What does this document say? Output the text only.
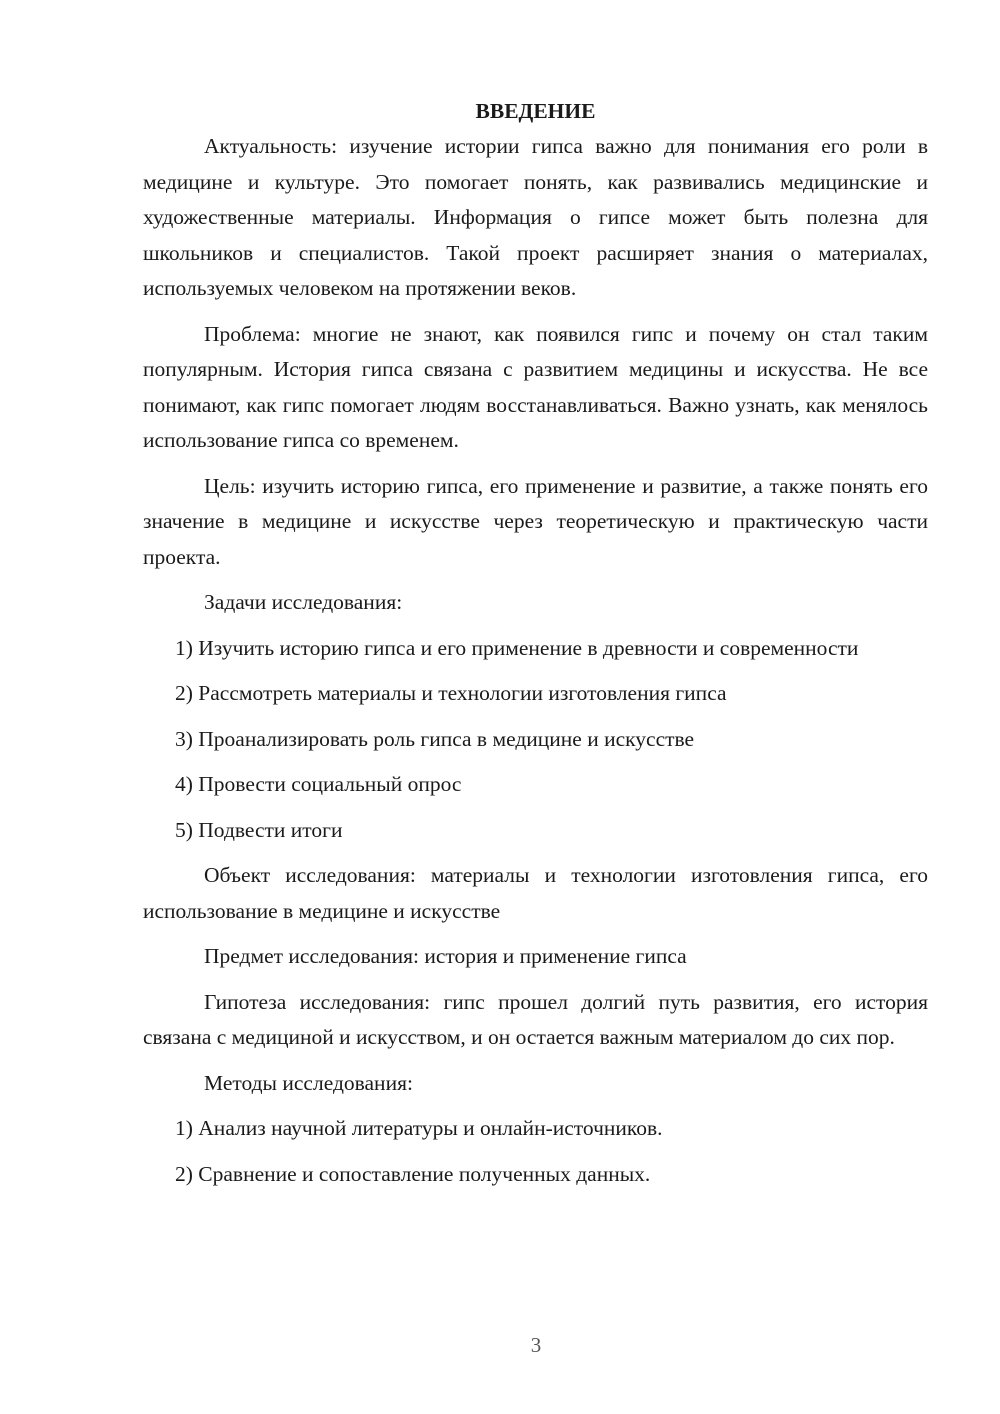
ВВЕДЕНИЕ

Актуальность: изучение истории гипса важно для понимания его роли в медицине и культуре. Это помогает понять, как развивались медицинские и художественные материалы. Информация о гипсе может быть полезна для школьников и специалистов. Такой проект расширяет знания о материалах, используемых человеком на протяжении веков.

Проблема: многие не знают, как появился гипс и почему он стал таким популярным. История гипса связана с развитием медицины и искусства. Не все понимают, как гипс помогает людям восстанавливаться. Важно узнать, как менялось использование гипса со временем.

Цель: изучить историю гипса, его применение и развитие, а также понять его значение в медицине и искусстве через теоретическую и практическую части проекта.

Задачи исследования:

1) Изучить историю гипса и его применение в древности и современности

2) Рассмотреть материалы и технологии изготовления гипса

3) Проанализировать роль гипса в медицине и искусстве

4) Провести социальный опрос

5) Подвести итоги

Объект исследования: материалы и технологии изготовления гипса, его использование в медицине и искусстве

Предмет исследования: история и применение гипса

Гипотеза исследования: гипс прошел долгий путь развития, его история связана с медициной и искусством, и он остается важным материалом до сих пор.

Методы исследования:

1) Анализ научной литературы и онлайн-источников.

2) Сравнение и сопоставление полученных данных.

3
